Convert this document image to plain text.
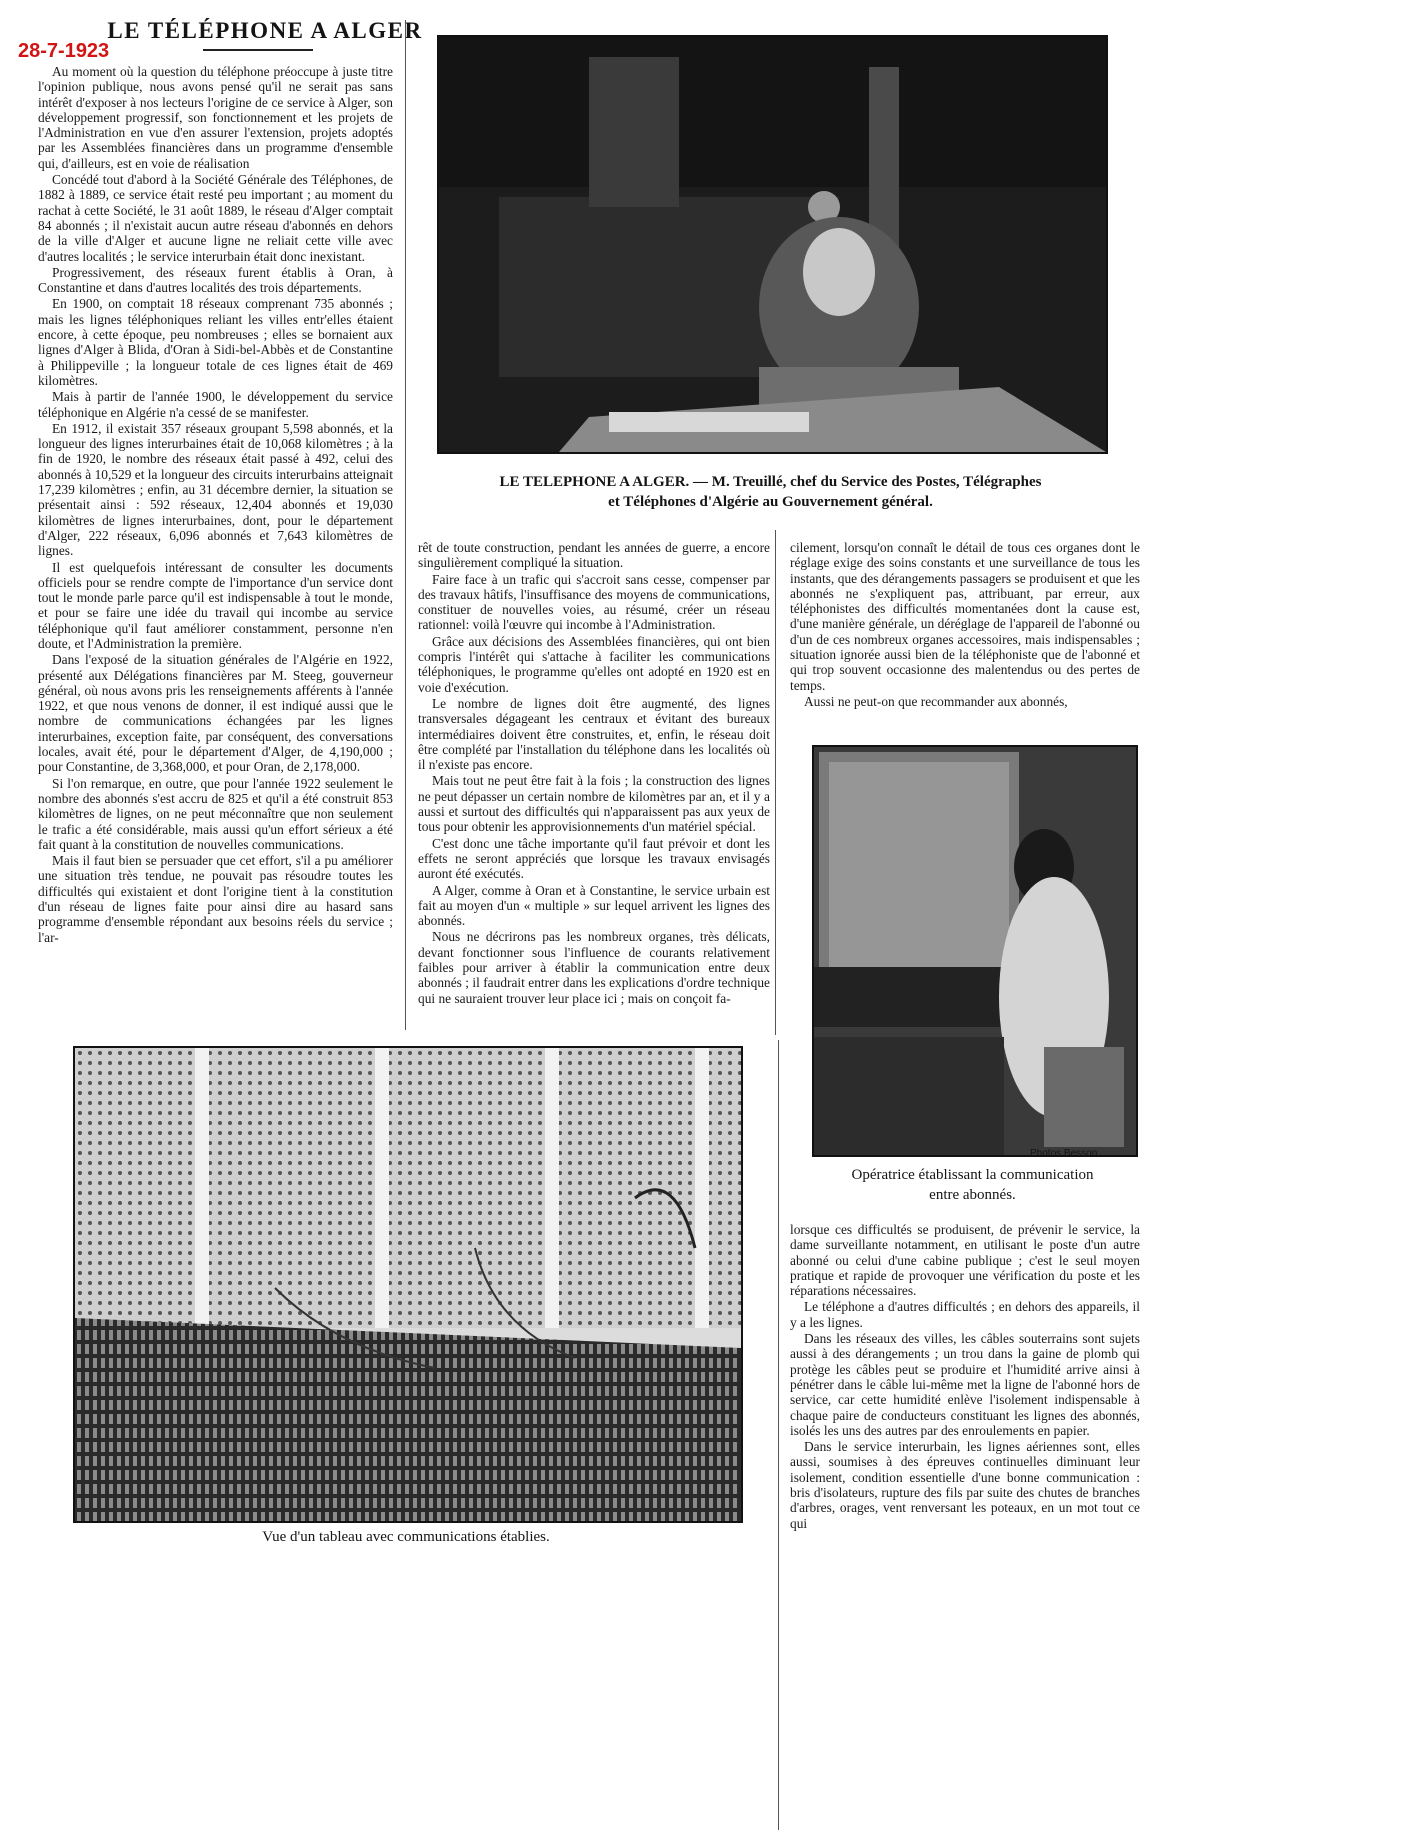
LE TÉLÉPHONE A ALGER
28-7-1923

Au moment où la question du téléphone préoccupe à juste titre l'opinion publique, nous avons pensé qu'il ne serait pas sans intérêt d'exposer à nos lecteurs l'origine de ce service à Alger, son développement progressif, son fonctionnement et les projets de l'Administration en vue d'en assurer l'extension, projets adoptés par les Assemblées financières dans un programme d'ensemble qui, d'ailleurs, est en voie de réalisation

Concédé tout d'abord à la Société Générale des Téléphones, de 1882 à 1889, ce service était resté peu important ; au moment du rachat à cette Société, le 31 août 1889, le réseau d'Alger comptait 84 abonnés ; il n'existait aucun autre réseau d'abonnés en dehors de la ville d'Alger et aucune ligne ne reliait cette ville avec d'autres localités ; le service interurbain était donc inexistant.

Progressivement, des réseaux furent établis à Oran, à Constantine et dans d'autres localités des trois départements.

En 1900, on comptait 18 réseaux comprenant 735 abonnés ; mais les lignes téléphoniques reliant les villes entr'elles étaient encore, à cette époque, peu nombreuses ; elles se bornaient aux lignes d'Alger à Blida, d'Oran à Sidi-bel-Abbès et de Constantine à Philippeville ; la longueur totale de ces lignes était de 469 kilomètres.

Mais à partir de l'année 1900, le développement du service téléphonique en Algérie n'a cessé de se manifester.

En 1912, il existait 357 réseaux groupant 5,598 abonnés, et la longueur des lignes interurbaines était de 10,068 kilomètres ; à la fin de 1920, le nombre des réseaux était passé à 492, celui des abonnés à 10,529 et la longueur des circuits interurbains atteignait 17,239 kilomètres ; enfin, au 31 décembre dernier, la situation se présentait ainsi : 592 réseaux, 12,404 abonnés et 19,030 kilomètres de lignes interurbaines, dont, pour le département d'Alger, 222 réseaux, 6,096 abonnés et 7,643 kilomètres de lignes.

Il est quelquefois intéressant de consulter les documents officiels pour se rendre compte de l'importance d'un service dont tout le monde parle parce qu'il est indispensable à tout le monde, et pour se faire une idée du travail qui incombe au service téléphonique qu'il faut améliorer constamment, personne n'en doute, et l'Administration la première.

Dans l'exposé de la situation générales de l'Algérie en 1922, présenté aux Délégations financières par M. Steeg, gouverneur général, où nous avons pris les renseignements afférents à l'année 1922, et que nous venons de donner, il est indiqué aussi que le nombre de communications échangées par les lignes interurbaines, exception faite, par conséquent, des conversations locales, avait été, pour le département d'Alger, de 4,190,000 ; pour Constantine, de 3,368,000, et pour Oran, de 2,178,000.

Si l'on remarque, en outre, que pour l'année 1922 seulement le nombre des abonnés s'est accru de 825 et qu'il a été construit 853 kilomètres de lignes, on ne peut méconnaître que non seulement le trafic a été considérable, mais aussi qu'un effort sérieux a été fait quant à la constitution de nouvelles communications.

Mais il faut bien se persuader que cet effort, s'il a pu améliorer une situation très tendue, ne pouvait pas résoudre toutes les difficultés qui existaient et dont l'origine tient à la constitution d'un réseau de lignes faite pour ainsi dire au hasard sans programme d'ensemble répondant aux besoins réels du service ; l'ar-

LE TELEPHONE A ALGER. — M. Treuillé, chef du Service des Postes, Télégraphes
et Téléphones d'Algérie au Gouvernement général.

rêt de toute construction, pendant les années de guerre, a encore singulièrement compliqué la situation.

Faire face à un trafic qui s'accroit sans cesse, compenser par des travaux hâtifs, l'insuffisance des moyens de communications, constituer de nouvelles voies, au résumé, créer un réseau rationnel: voilà l'œuvre qui incombe à l'Administration.

Grâce aux décisions des Assemblées financières, qui ont bien compris l'intérêt qui s'attache à faciliter les communications téléphoniques, le programme qu'elles ont adopté en 1920 est en voie d'exécution.

Le nombre de lignes doit être augmenté, des lignes transversales dégageant les centraux et évitant des bureaux intermédiaires doivent être construites, et, enfin, le réseau doit être complété par l'installation du téléphone dans les localités où il n'existe pas encore.

Mais tout ne peut être fait à la fois ; la construction des lignes ne peut dépasser un certain nombre de kilomètres par an, et il y a aussi et surtout des difficultés qui n'apparaissent pas aux yeux de tous pour obtenir les approvisionnements d'un matériel spécial.

C'est donc une tâche importante qu'il faut prévoir et dont les effets ne seront appréciés que lorsque les travaux envisagés auront été exécutés.

A Alger, comme à Oran et à Constantine, le service urbain est fait au moyen d'un « multiple » sur lequel arrivent les lignes des abonnés.

Nous ne décrirons pas les nombreux organes, très délicats, devant fonctionner sous l'influence de courants relativement faibles pour arriver à établir la communication entre deux abonnés ; il faudrait entrer dans les explications d'ordre technique qui ne sauraient trouver leur place ici ; mais on conçoit fa-

cilement, lorsqu'on connaît le détail de tous ces organes dont le réglage exige des soins constants et une surveillance de tous les instants, que des dérangements passagers se produisent et que les abonnés ne s'expliquent pas, attribuant, par erreur, aux téléphonistes des difficultés momentanées dont la cause est, d'une manière générale, un déréglage de l'appareil de l'abonné ou d'un de ces nombreux organes accessoires, mais indispensables ; situation ignorée aussi bien de la téléphoniste que de l'abonné et qui trop souvent occasionne des malentendus ou des pertes de temps.

Aussi ne peut-on que recommander aux abonnés,

Photos Besson.
Opératrice établissant la communication
entre abonnés.

lorsque ces difficultés se produisent, de prévenir le service, la dame surveillante notamment, en utilisant le poste d'un autre abonné ou celui d'une cabine publique ; c'est le seul moyen pratique et rapide de provoquer une vérification du poste et les réparations nécessaires.

Le téléphone a d'autres difficultés ; en dehors des appareils, il y a les lignes.

Dans les réseaux des villes, les câbles souterrains sont sujets aussi à des dérangements ; un trou dans la gaine de plomb qui protège les câbles peut se produire et l'humidité arrive ainsi à pénétrer dans le câble lui-même met la ligne de l'abonné hors de service, car cette humidité enlève l'isolement indispensable à chaque paire de conducteurs constituant les lignes des abonnés, isolés les uns des autres par des enroulements en papier.

Dans le service interurbain, les lignes aériennes sont, elles aussi, soumises à des épreuves continuelles diminuant leur isolement, condition essentielle d'une bonne communication : bris d'isolateurs, rupture des fils par suite des chutes de branches d'arbres, orages, vent renversant les poteaux, en un mot tout ce qui

Vue d'un tableau avec communications établies.
